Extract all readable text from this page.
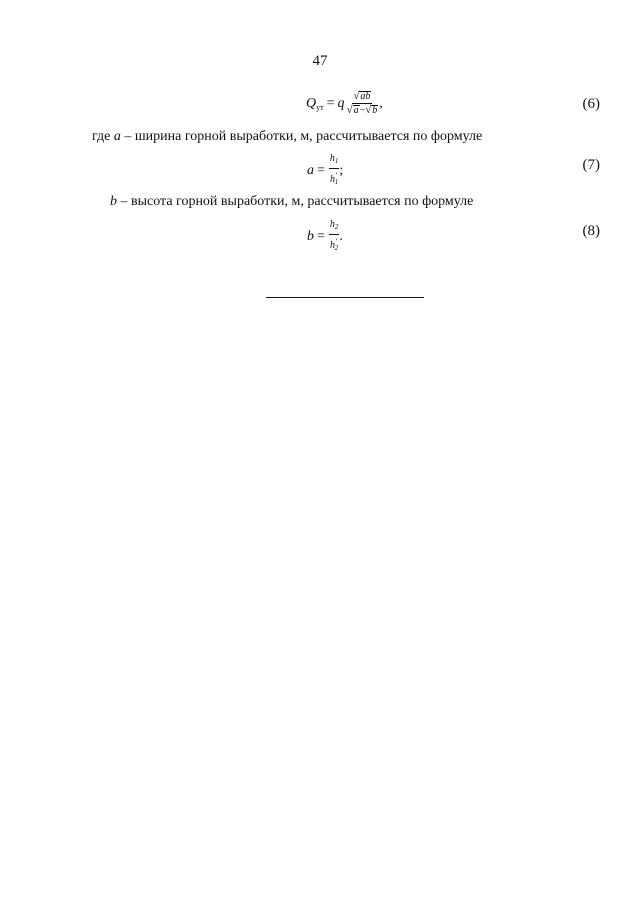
47
$Q_{ут} = q \frac{√ ab}{√ a - √ b}$ ,	(6)
где a – ширина горной выработки, м, рассчитывается по формуле
$a = \frac{h_1}{h'_1}$ ;	(7)
b – высота горной выработки, м, рассчитывается по формуле
$b = \frac{h_2}{h'_2}$ .	(8)
